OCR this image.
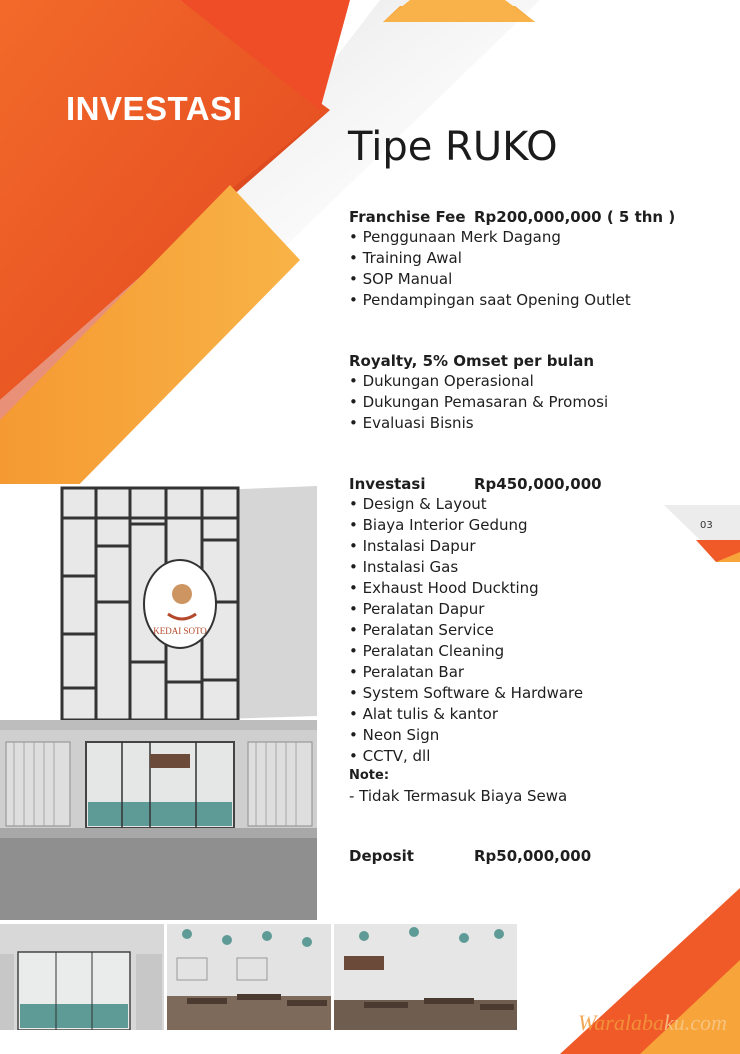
INVESTASI
Tipe RUKO
Franchise Fee Rp200,000,000 ( 5 thn )
• Penggunaan Merk Dagang
• Training Awal
• SOP Manual
• Pendampingan saat Opening Outlet
Royalty, 5% Omset per bulan
• Dukungan Operasional
• Dukungan Pemasaran & Promosi
• Evaluasi Bisnis
Investasi	Rp450,000,000
• Design & Layout
• Biaya Interior Gedung
• Instalasi Dapur
• Instalasi Gas
• Exhaust Hood Duckting
• Peralatan Dapur
• Peralatan Service
• Peralatan Cleaning
• Peralatan Bar
• System Software & Hardware
• Alat tulis & kantor
• Neon Sign
• CCTV, dll
Note:
- Tidak Termasuk Biaya Sewa
Deposit	Rp50,000,000
03
KEDAI SOTO
Waralabaku.com
